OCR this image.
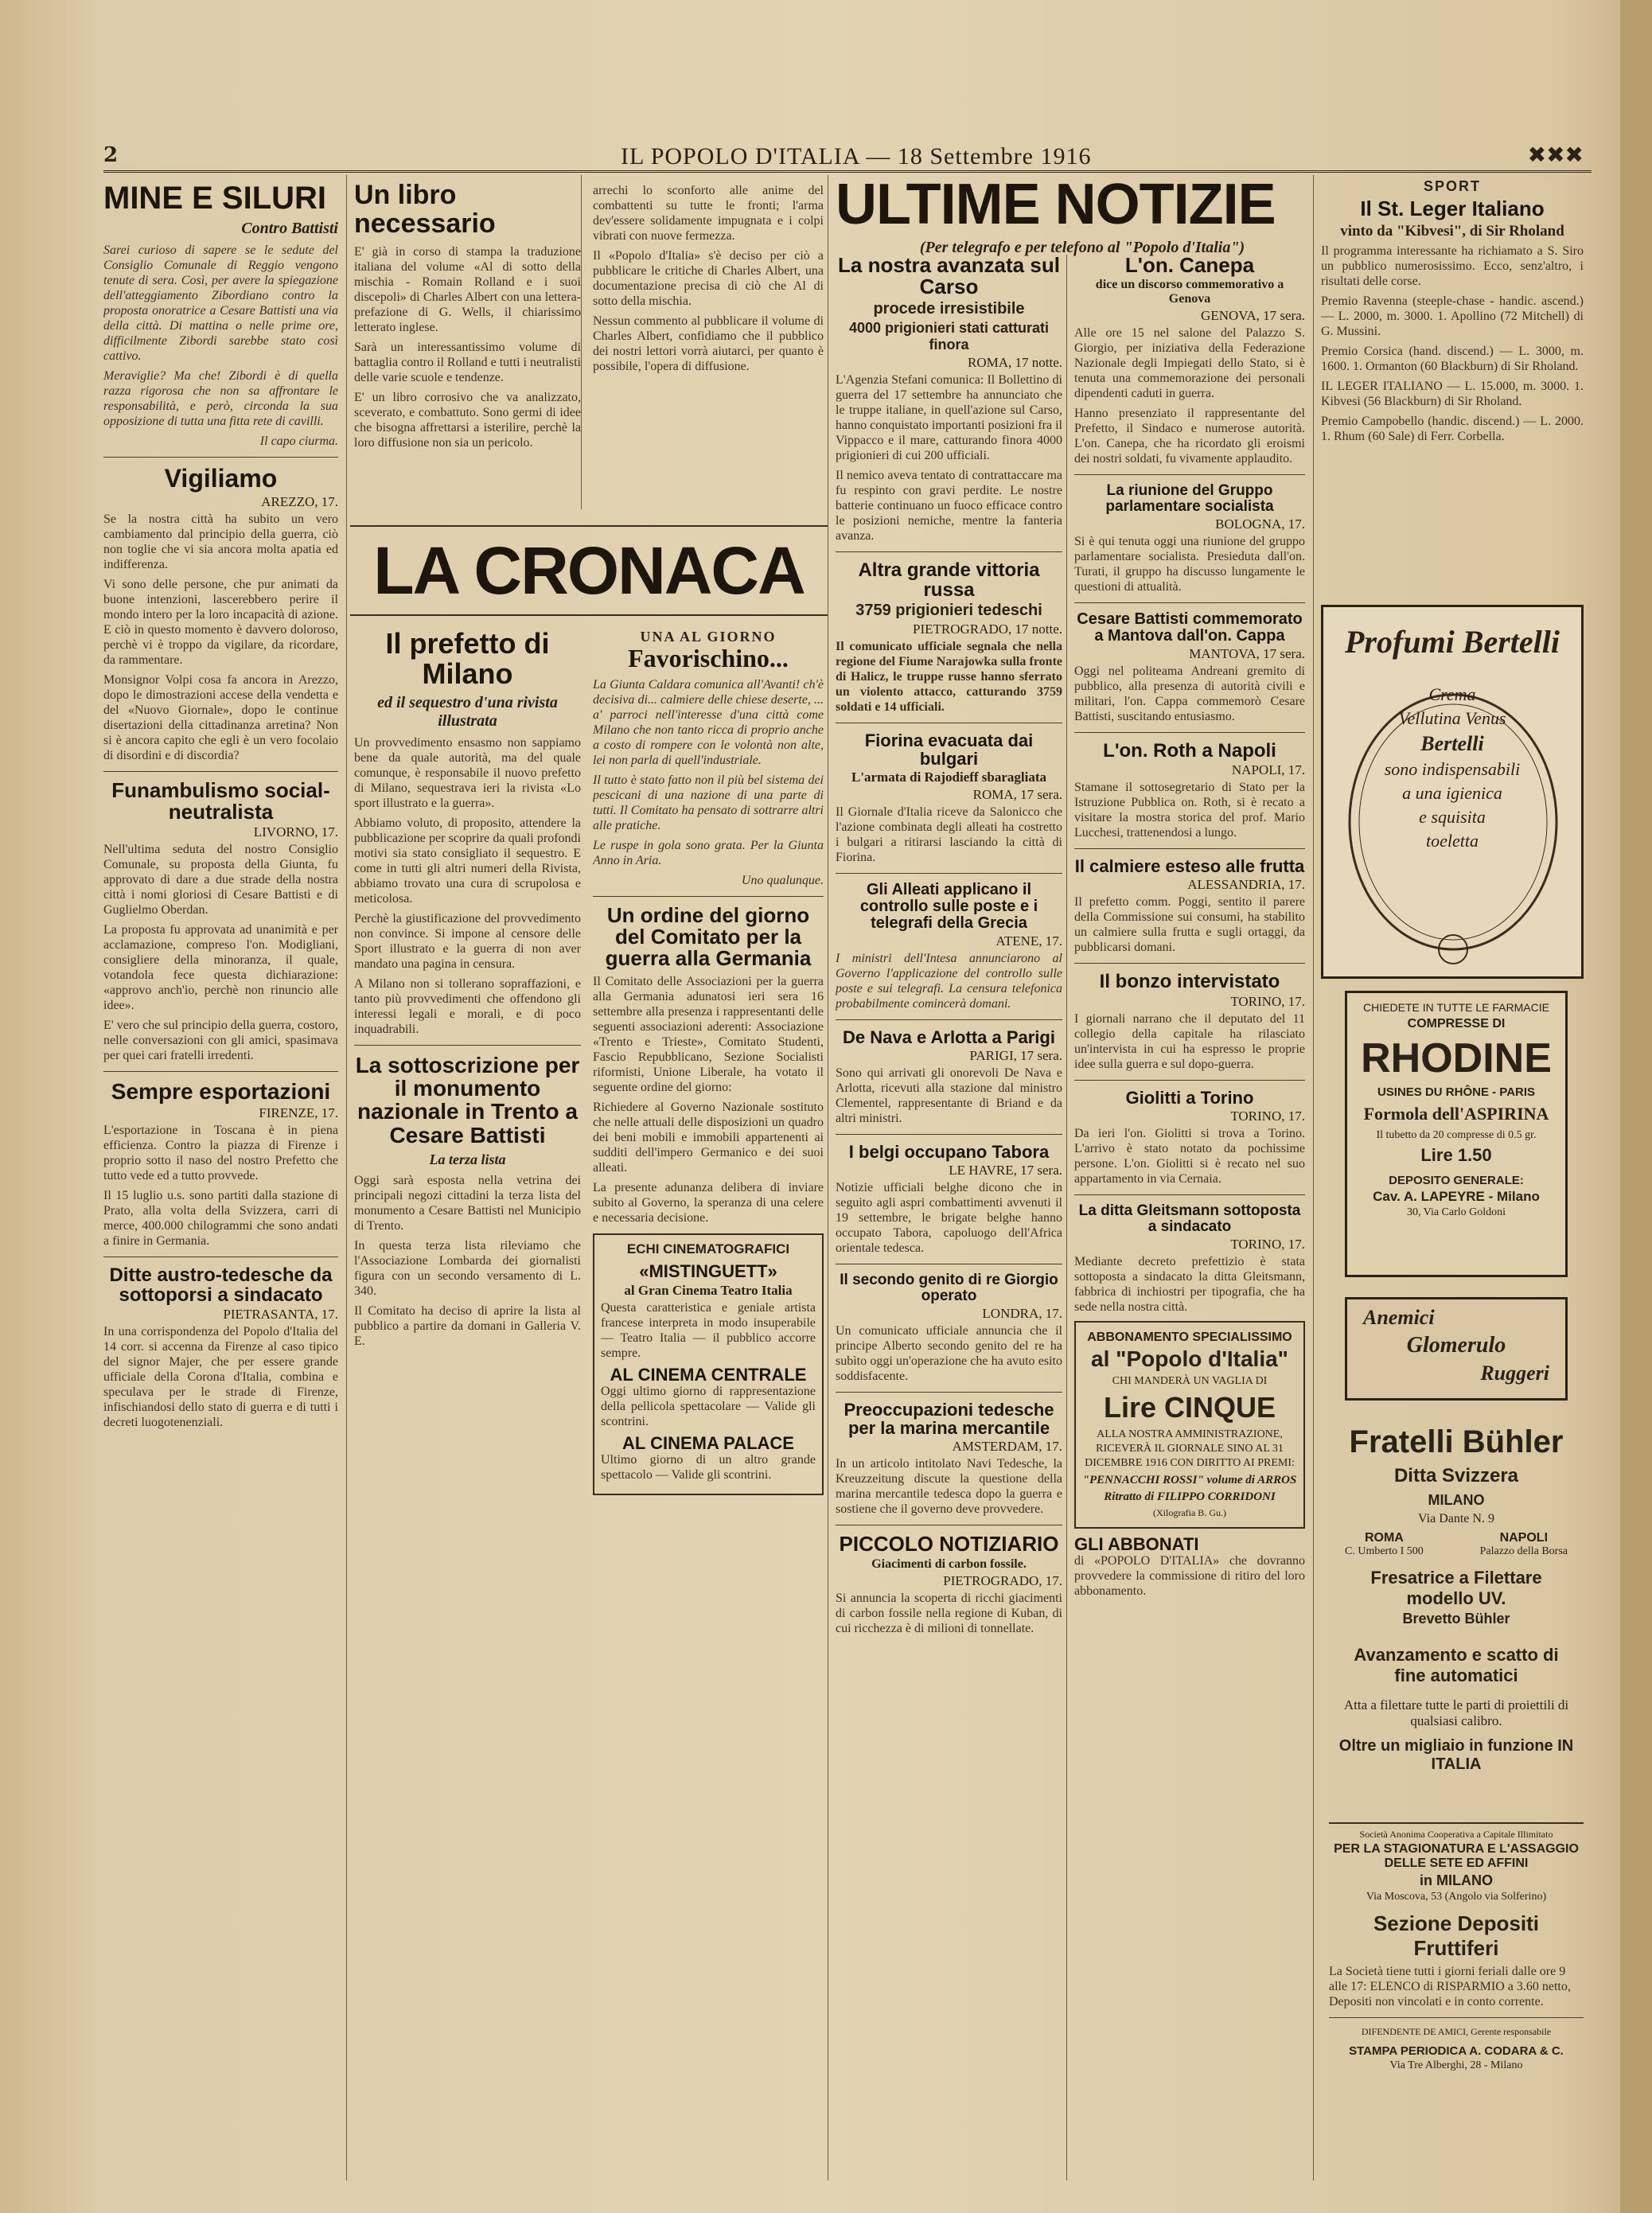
2	IL POPOLO D'ITALIA — 18 Settembre 1916	✖✖✖
MINE E SILURI

Contro Battisti

Sarei curioso di sapere se le sedute del Consiglio Comunale di Reggio vengono tenute di sera. Così, per avere la spiegazione dell'atteggiamento Zibordiano contro la proposta onoratrice a Cesare Battisti una via della città. Di mattina o nelle prime ore, difficilmente Zibordi sarebbe stato così cattivo.

Meraviglie? Ma che! Zibordi è di quella razza rigorosa che non sa affrontare le responsabilità, e però, circonda la sua opposizione di tutta una fitta rete di cavilli.

Il capo ciurma.

Vigiliamo

AREZZO, 17.

Se la nostra città ha subito un vero cambiamento dal principio della guerra, ciò non toglie che vi sia ancora molta apatia ed indifferenza.

Vi sono delle persone, che pur animati da buone intenzioni, lascerebbero perire il mondo intero per la loro incapacità di azione. E ciò in questo momento è davvero doloroso, perchè vi è troppo da vigilare, da ricordare, da rammentare.

Monsignor Volpi cosa fa ancora in Arezzo, dopo le dimostrazioni accese della vendetta e del «Nuovo Giornale», dopo le continue disertazioni della cittadinanza arretina? Non si è ancora capito che egli è un vero focolaio di disordini e di discordia?

Funambulismo social-neutralista

LIVORNO, 17.

Nell'ultima seduta del nostro Consiglio Comunale, su proposta della Giunta, fu approvato di dare a due strade della nostra città i nomi gloriosi di Cesare Battisti e di Guglielmo Oberdan.

La proposta fu approvata ad unanimità e per acclamazione, compreso l'on. Modigliani, consigliere della minoranza, il quale, votandola fece questa dichiarazione: «approvo anch'io, perchè non rinuncio alle idee».

E' vero che sul principio della guerra, costoro, nelle conversazioni con gli amici, spasimava per quei cari fratelli irredenti.

Sempre esportazioni

FIRENZE, 17.

L'esportazione in Toscana è in piena efficienza. Contro la piazza di Firenze i proprio sotto il naso del nostro Prefetto che tutto vede ed a tutto provvede.

Il 15 luglio u.s. sono partiti dalla stazione di Prato, alla volta della Svizzera, carri di merce, 400.000 chilogrammi che sono andati a finire in Germania.

Ditte austro-tedesche da sottoporsi a sindacato

PIETRASANTA, 17.

In una corrispondenza del Popolo d'Italia del 14 corr. si accenna da Firenze al caso tipico del signor Majer, che per essere grande ufficiale della Corona d'Italia, combina e speculava per le strade di Firenze, infischiandosi dello stato di guerra e di tutti i decreti luogotenenziali.

Un libro necessario

E' già in corso di stampa la traduzione italiana del volume «Al di sotto della mischia - Romain Rolland e i suoi discepoli» di Charles Albert con una lettera-prefazione di G. Wells, il chiarissimo letterato inglese.

Sarà un interessantissimo volume di battaglia contro il Rolland e tutti i neutralisti delle varie scuole e tendenze.

E' un libro corrosivo che va analizzato, sceverato, e combattuto. Sono germi di idee che bisogna affrettarsi a isterilire, perchè la loro diffusione non sia un pericolo.

Il prefetto di Milano

ed il sequestro d'una rivista illustrata

Un provvedimento ensasmo non sappiamo bene da quale autorità, ma del quale comunque, è responsabile il nuovo prefetto di Milano, sequestrava ieri la rivista «Lo sport illustrato e la guerra».

Abbiamo voluto, di proposito, attendere la pubblicazione per scoprire da quali profondi motivi sia stato consigliato il sequestro. E come in tutti gli altri numeri della Rivista, abbiamo trovato una cura di scrupolosa e meticolosa.

Perchè la giustificazione del provvedimento non convince. Si impone al censore delle Sport illustrato e la guerra di non aver mandato una pagina in censura.

A Milano non si tollerano sopraffazioni, e tanto più provvedimenti che offendono gli interessi legali e morali, e di poco inquadrabili.

La sottoscrizione per il monumento nazionale in Trento a Cesare Battisti

La terza lista

Oggi sarà esposta nella vetrina dei principali negozi cittadini la terza lista del monumento a Cesare Battisti nel Municipio di Trento.

In questa terza lista rileviamo che l'Associazione Lombarda dei giornalisti figura con un secondo versamento di L. 340.

Il Comitato ha deciso di aprire la lista al pubblico a partire da domani in Galleria V. E.

arrechi lo sconforto alle anime del combattenti su tutte le fronti; l'arma dev'essere solidamente impugnata e i colpi vibrati con nuove fermezza.

Il «Popolo d'Italia» s'è deciso per ciò a pubblicare le critiche di Charles Albert, una documentazione precisa di ciò che Al di sotto della mischia.

Nessun commento al pubblicare il volume di Charles Albert, confidiamo che il pubblico dei nostri lettori vorrà aiutarci, per quanto è possibile, l'opera di diffusione.

LA CRONACA

UNA AL GIORNO

Favorischino...

La Giunta Caldara comunica all'Avanti! ch'è decisiva di... calmiere delle chiese deserte, ... a' parroci nell'interesse d'una città come Milano che non tanto ricca di proprio anche a costo di rompere con le volontà non alte, lei non parla di quell'industriale.

Il tutto è stato fatto non il più bel sistema dei pescicani di una nazione di una parte di tutti. Il Comitato ha pensato di sottrarre altri alle pratiche.

Le ruspe in gola sono grata. Per la Giunta Anno in Aria.

Uno qualunque.

Un ordine del giorno del Comitato per la guerra alla Germania

Il Comitato delle Associazioni per la guerra alla Germania adunatosi ieri sera 16 settembre alla presenza i rappresentanti delle seguenti associazioni aderenti: Associazione «Trento e Trieste», Comitato Studenti, Fascio Repubblicano, Sezione Socialisti riformisti, Unione Liberale, ha votato il seguente ordine del giorno:

Richiedere al Governo Nazionale sostituto che nelle attuali delle disposizioni un quadro dei beni mobili e immobili appartenenti ai sudditi dell'impero Germanico e dei suoi alleati.

La presente adunanza delibera di inviare subito al Governo, la speranza di una celere e necessaria decisione.

ECHI CINEMATOGRAFICI

«MISTINGUETT»

al Gran Cinema Teatro Italia

Questa caratteristica e geniale artista francese interpreta in modo insuperabile — Teatro Italia — il pubblico accorre sempre.

AL CINEMA CENTRALE

Oggi ultimo giorno di rappresentazione della pellicola spettacolare — Valide gli scontrini.

AL CINEMA PALACE

Ultimo giorno di un altro grande spettacolo — Valide gli scontrini.

ULTIME NOTIZIE

(Per telegrafo e per telefono al "Popolo d'Italia")

La nostra avanzata sul Carso

procede irresistibile

4000 prigionieri stati catturati finora

ROMA, 17 notte.

L'Agenzia Stefani comunica: Il Bollettino di guerra del 17 settembre ha annunciato che le truppe italiane, in quell'azione sul Carso, hanno conquistato importanti posizioni fra il Vippacco e il mare, catturando finora 4000 prigionieri di cui 200 ufficiali.

Il nemico aveva tentato di contrattaccare ma fu respinto con gravi perdite. Le nostre batterie continuano un fuoco efficace contro le posizioni nemiche, mentre la fanteria avanza.

Altra grande vittoria russa

3759 prigionieri tedeschi

PIETROGRADO, 17 notte.

Il comunicato ufficiale segnala che nella regione del Fiume Narajowka sulla fronte di Halicz, le truppe russe hanno sferrato un violento attacco, catturando 3759 soldati e 14 ufficiali.

Fiorina evacuata dai bulgari

L'armata di Rajodieff sbaragliata

ROMA, 17 sera.

Il Giornale d'Italia riceve da Salonicco che l'azione combinata degli alleati ha costretto i bulgari a ritirarsi lasciando la città di Fiorina.

Gli Alleati applicano il controllo sulle poste e i telegrafi della Grecia

ATENE, 17.

I ministri dell'Intesa annunciarono al Governo l'applicazione del controllo sulle poste e sui telegrafi. La censura telefonica probabilmente comincerà domani.

De Nava e Arlotta a Parigi

PARIGI, 17 sera.

Sono qui arrivati gli onorevoli De Nava e Arlotta, ricevuti alla stazione dal ministro Clementel, rappresentante di Briand e da altri ministri.

I belgi occupano Tabora

LE HAVRE, 17 sera.

Notizie ufficiali belghe dicono che in seguito agli aspri combattimenti avvenuti il 19 settembre, le brigate belghe hanno occupato Tabora, capoluogo dell'Africa orientale tedesca.

Il secondo genito di re Giorgio operato

LONDRA, 17.

Un comunicato ufficiale annuncia che il principe Alberto secondo genito del re ha subìto oggi un'operazione che ha avuto esito soddisfacente.

Preoccupazioni tedesche per la marina mercantile

AMSTERDAM, 17.

In un articolo intitolato Navi Tedesche, la Kreuzzeitung discute la questione della marina mercantile tedesca dopo la guerra e sostiene che il governo deve provvedere.

PICCOLO NOTIZIARIO

Giacimenti di carbon fossile.

PIETROGRADO, 17.

Si annuncia la scoperta di ricchi giacimenti di carbon fossile nella regione di Kuban, di cui ricchezza è di milioni di tonnellate.

L'on. Canepa

dice un discorso commemorativo a Genova

GENOVA, 17 sera.

Alle ore 15 nel salone del Palazzo S. Giorgio, per iniziativa della Federazione Nazionale degli Impiegati dello Stato, si è tenuta una commemorazione dei personali dipendenti caduti in guerra.

Hanno presenziato il rappresentante del Prefetto, il Sindaco e numerose autorità. L'on. Canepa, che ha ricordato gli eroismi dei nostri soldati, fu vivamente applaudito.

La riunione del Gruppo parlamentare socialista

BOLOGNA, 17.

Si è qui tenuta oggi una riunione del gruppo parlamentare socialista. Presieduta dall'on. Turati, il gruppo ha discusso lungamente le questioni di attualità.

Cesare Battisti commemorato a Mantova dall'on. Cappa

MANTOVA, 17 sera.

Oggi nel politeama Andreani gremito di pubblico, alla presenza di autorità civili e militari, l'on. Cappa commemorò Cesare Battisti, suscitando entusiasmo.

L'on. Roth a Napoli

NAPOLI, 17.

Stamane il sottosegretario di Stato per la Istruzione Pubblica on. Roth, si è recato a visitare la mostra storica del prof. Mario Lucchesi, trattenendosi a lungo.

Il calmiere esteso alle frutta

ALESSANDRIA, 17.

Il prefetto comm. Poggi, sentito il parere della Commissione sui consumi, ha stabilito un calmiere sulla frutta e sugli ortaggi, da pubblicarsi domani.

Il bonzo intervistato

TORINO, 17.

I giornali narrano che il deputato del 11 collegio della capitale ha rilasciato un'intervista in cui ha espresso le proprie idee sulla guerra e sul dopo-guerra.

Giolitti a Torino

TORINO, 17.

Da ieri l'on. Giolitti si trova a Torino. L'arrivo è stato notato da pochissime persone. L'on. Giolitti si è recato nel suo appartamento in via Cernaia.

La ditta Gleitsmann sottoposta a sindacato

TORINO, 17.

Mediante decreto prefettizio è stata sottoposta a sindacato la ditta Gleitsmann, fabbrica di inchiostri per tipografia, che ha sede nella nostra città.

ABBONAMENTO SPECIALISSIMO

al "Popolo d'Italia"

CHI MANDERÀ UN VAGLIA DI

Lire CINQUE

ALLA NOSTRA AMMINISTRAZIONE, RICEVERÀ IL GIORNALE SINO AL 31 DICEMBRE 1916 CON DIRITTO AI PREMI:

"PENNACCHI ROSSI" volume di ARROS

Ritratto di FILIPPO CORRIDONI

(Xilografia B. Gu.)

GLI ABBONATI

di «POPOLO D'ITALIA» che dovranno provvedere la commissione di ritiro del loro abbonamento.

SPORT

Il St. Leger Italiano

vinto da "Kibvesi", di Sir Rholand

Il programma interessante ha richiamato a S. Siro un pubblico numerosissimo. Ecco, senz'altro, i risultati delle corse.

Premio Ravenna (steeple-chase - handic. ascend.) — L. 2000, m. 3000. 1. Apollino (72 Mitchell) di G. Mussini.

Premio Corsica (hand. discend.) — L. 3000, m. 1600. 1. Ormanton (60 Blackburn) di Sir Rholand.

IL LEGER ITALIANO — L. 15.000, m. 3000. 1. Kibvesi (56 Blackburn) di Sir Rholand.

Premio Campobello (handic. discend.) — L. 2000. 1. Rhum (60 Sale) di Ferr. Corbella.

Profumi Bertelli

Crema

Vellutina Venus

Bertelli

sono indispensabili

a una igienica

e squisita

toeletta

CHIEDETE IN TUTTE LE FARMACIE

COMPRESSE DI

RHODINE

USINES DU RHÔNE - PARIS

Formola dell'ASPIRINA

Il tubetto da 20 compresse di 0.5 gr.

Lire 1.50

DEPOSITO GENERALE:

Cav. A. LAPEYRE - Milano

30, Via Carlo Goldoni

Anemici

Glomerulo

Ruggeri

Fratelli Bühler

Ditta Svizzera

MILANO

Via Dante N. 9

ROMA

C. Umberto I 500

NAPOLI

Palazzo della Borsa

Fresatrice a Filettare modello UV.

Brevetto Bühler

Avanzamento e scatto di fine automatici

Atta a filettare tutte le parti di proiettili di qualsiasi calibro.

Oltre un migliaio in funzione IN ITALIA

Società Anonima Cooperativa a Capitale Illimitato

PER LA STAGIONATURA E L'ASSAGGIO DELLE SETE ED AFFINI

in MILANO

Via Moscova, 53 (Angolo via Solferino)

Sezione Depositi Fruttiferi

La Società tiene tutti i giorni feriali dalle ore 9 alle 17: ELENCO di RISPARMIO a 3.60 netto, Depositi non vincolati e in conto corrente.

DIFENDENTE DE AMICI, Gerente responsabile

STAMPA PERIODICA A. CODARA & C.

Via Tre Alberghi, 28 - Milano
